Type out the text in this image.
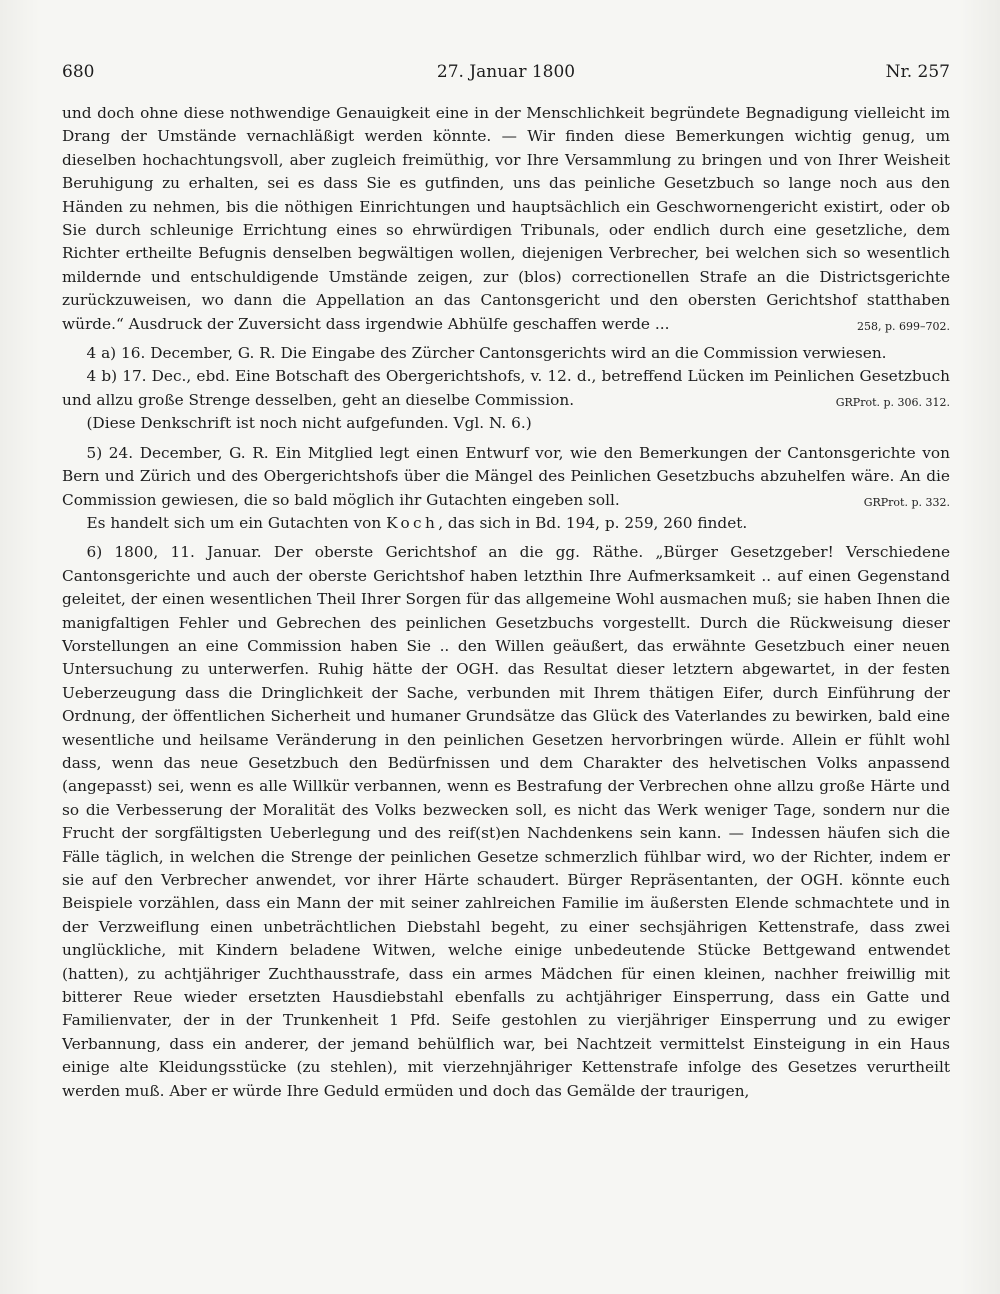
680	27. Januar 1800	Nr. 257

und doch ohne diese nothwendige Genauigkeit eine in der Menschlichkeit begründete Begnadigung vielleicht im Drang der Umstände vernachläßigt werden könnte. — Wir finden diese Bemerkungen wichtig genug, um dieselben hochachtungsvoll, aber zugleich freimüthig, vor Ihre Versammlung zu bringen und von Ihrer Weisheit Beruhigung zu erhalten, sei es dass Sie es gutfinden, uns das peinliche Gesetzbuch so lange noch aus den Händen zu nehmen, bis die nöthigen Einrichtungen und hauptsächlich ein Geschwornengericht existirt, oder ob Sie durch schleunige Errichtung eines so ehrwürdigen Tribunals, oder endlich durch eine gesetzliche, dem Richter ertheilte Befugnis denselben begwältigen wollen, diejenigen Verbrecher, bei welchen sich so wesentlich mildernde und entschuldigende Umstände zeigen, zur (blos) correctionellen Strafe an die Districtsgerichte zurückzuweisen, wo dann die Appellation an das Cantonsgericht und den obersten Gerichtshof statthaben würde.“ Ausdruck der Zuversicht dass irgendwie Abhülfe geschaffen werde ...	258, p. 699–702.

4 a) 16. December, G. R. Die Eingabe des Zürcher Cantonsgerichts wird an die Commission verwiesen.

4 b) 17. Dec., ebd. Eine Botschaft des Obergerichtshofs, v. 12. d., betreffend Lücken im Peinlichen Gesetzbuch und allzu große Strenge desselben, geht an dieselbe Commission.	GRProt. p. 306. 312.

(Diese Denkschrift ist noch nicht aufgefunden. Vgl. N. 6.)

5) 24. December, G. R. Ein Mitglied legt einen Entwurf vor, wie den Bemerkungen der Cantonsgerichte von Bern und Zürich und des Obergerichtshofs über die Mängel des Peinlichen Gesetzbuchs abzuhelfen wäre. An die Commission gewiesen, die so bald möglich ihr Gutachten eingeben soll.	GRProt. p. 332.

Es handelt sich um ein Gutachten von Koch, das sich in Bd. 194, p. 259, 260 findet.

6) 1800, 11. Januar. Der oberste Gerichtshof an die gg. Räthe. „Bürger Gesetzgeber! Verschiedene Cantonsgerichte und auch der oberste Gerichtshof haben letzthin Ihre Aufmerksamkeit .. auf einen Gegenstand geleitet, der einen wesentlichen Theil Ihrer Sorgen für das allgemeine Wohl ausmachen muß; sie haben Ihnen die manigfaltigen Fehler und Gebrechen des peinlichen Gesetzbuchs vorgestellt. Durch die Rückweisung dieser Vorstellungen an eine Commission haben Sie .. den Willen geäußert, das erwähnte Gesetzbuch einer neuen Untersuchung zu unterwerfen. Ruhig hätte der OGH. das Resultat dieser letztern abgewartet, in der festen Ueberzeugung dass die Dringlichkeit der Sache, verbunden mit Ihrem thätigen Eifer, durch Einführung der Ordnung, der öffentlichen Sicherheit und humaner Grundsätze das Glück des Vaterlandes zu bewirken, bald eine wesentliche und heilsame Veränderung in den peinlichen Gesetzen hervorbringen würde. Allein er fühlt wohl dass, wenn das neue Gesetzbuch den Bedürfnissen und dem Charakter des helvetischen Volks anpassend (angepasst) sei, wenn es alle Willkür verbannen, wenn es Bestrafung der Verbrechen ohne allzu große Härte und so die Verbesserung der Moralität des Volks bezwecken soll, es nicht das Werk weniger Tage, sondern nur die Frucht der sorgfältigsten Ueberlegung und des reif(st)en Nachdenkens sein kann. — Indessen häufen sich die Fälle täglich, in welchen die Strenge der peinlichen Gesetze schmerzlich fühlbar wird, wo der Richter, indem er sie auf den Verbrecher anwendet, vor ihrer Härte schaudert. Bürger Repräsentanten, der OGH. könnte euch Beispiele vorzählen, dass ein Mann der mit seiner zahlreichen Familie im äußersten Elende schmachtete und in der Verzweiflung einen unbeträchtlichen Diebstahl begeht, zu einer sechsjährigen Kettenstrafe, dass zwei unglückliche, mit Kindern beladene Witwen, welche einige unbedeutende Stücke Bettgewand entwendet (hatten), zu achtjähriger Zuchthausstrafe, dass ein armes Mädchen für einen kleinen, nachher freiwillig mit bitterer Reue wieder ersetzten Hausdiebstahl ebenfalls zu achtjähriger Einsperrung, dass ein Gatte und Familienvater, der in der Trunkenheit 1 Pfd. Seife gestohlen zu vierjähriger Einsperrung und zu ewiger Verbannung, dass ein anderer, der jemand behülflich war, bei Nachtzeit vermittelst Einsteigung in ein Haus einige alte Kleidungsstücke (zu stehlen), mit vierzehnjähriger Kettenstrafe infolge des Gesetzes verurtheilt werden muß. Aber er würde Ihre Geduld ermüden und doch das Gemälde der traurigen,
